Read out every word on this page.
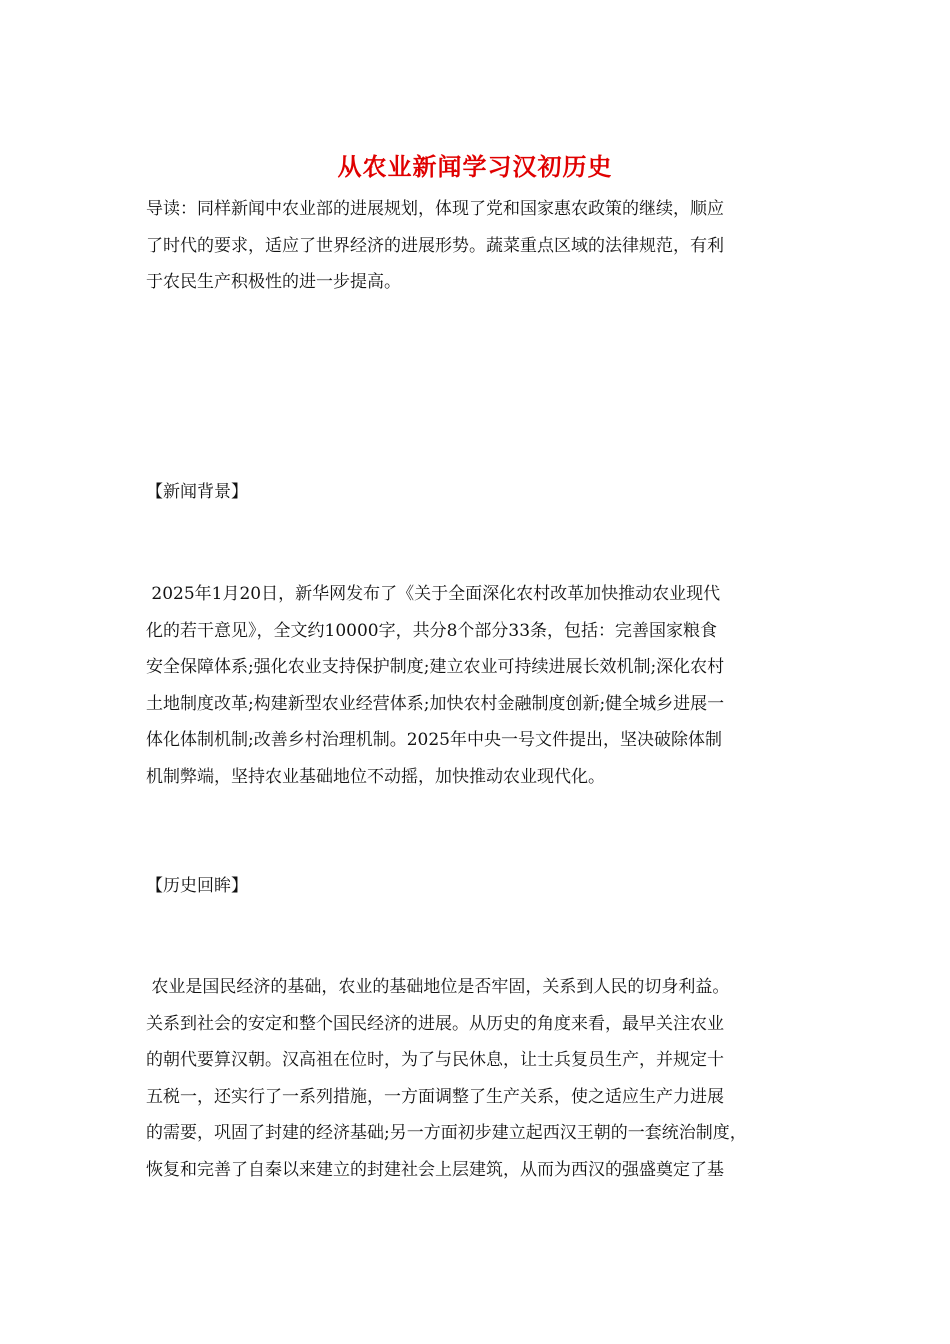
从农业新闻学习汉初历史
导读：同样新闻中农业部的进展规划，体现了党和国家惠农政策的继续，顺应
了时代的要求，适应了世界经济的进展形势。蔬菜重点区域的法律规范，有利
于农民生产积极性的进一步提高。
【新闻背景】
2025年1月20日，新华网发布了《关于全面深化农村改革加快推动农业现代
化的若干意见》，全文约10000字，共分8个部分33条，包括：完善国家粮食
安全保障体系;强化农业支持保护制度;建立农业可持续进展长效机制;深化农村
土地制度改革;构建新型农业经营体系;加快农村金融制度创新;健全城乡进展一
体化体制机制;改善乡村治理机制。2025年中央一号文件提出，坚决破除体制
机制弊端，坚持农业基础地位不动摇，加快推动农业现代化。
【历史回眸】
农业是国民经济的基础，农业的基础地位是否牢固，关系到人民的切身利益。
关系到社会的安定和整个国民经济的进展。从历史的角度来看，最早关注农业
的朝代要算汉朝。汉高祖在位时，为了与民休息，让士兵复员生产，并规定十
五税一，还实行了一系列措施，一方面调整了生产关系，使之适应生产力进展
的需要，巩固了封建的经济基础;另一方面初步建立起西汉王朝的一套统治制度，
恢复和完善了自秦以来建立的封建社会上层建筑，从而为西汉的强盛奠定了基
